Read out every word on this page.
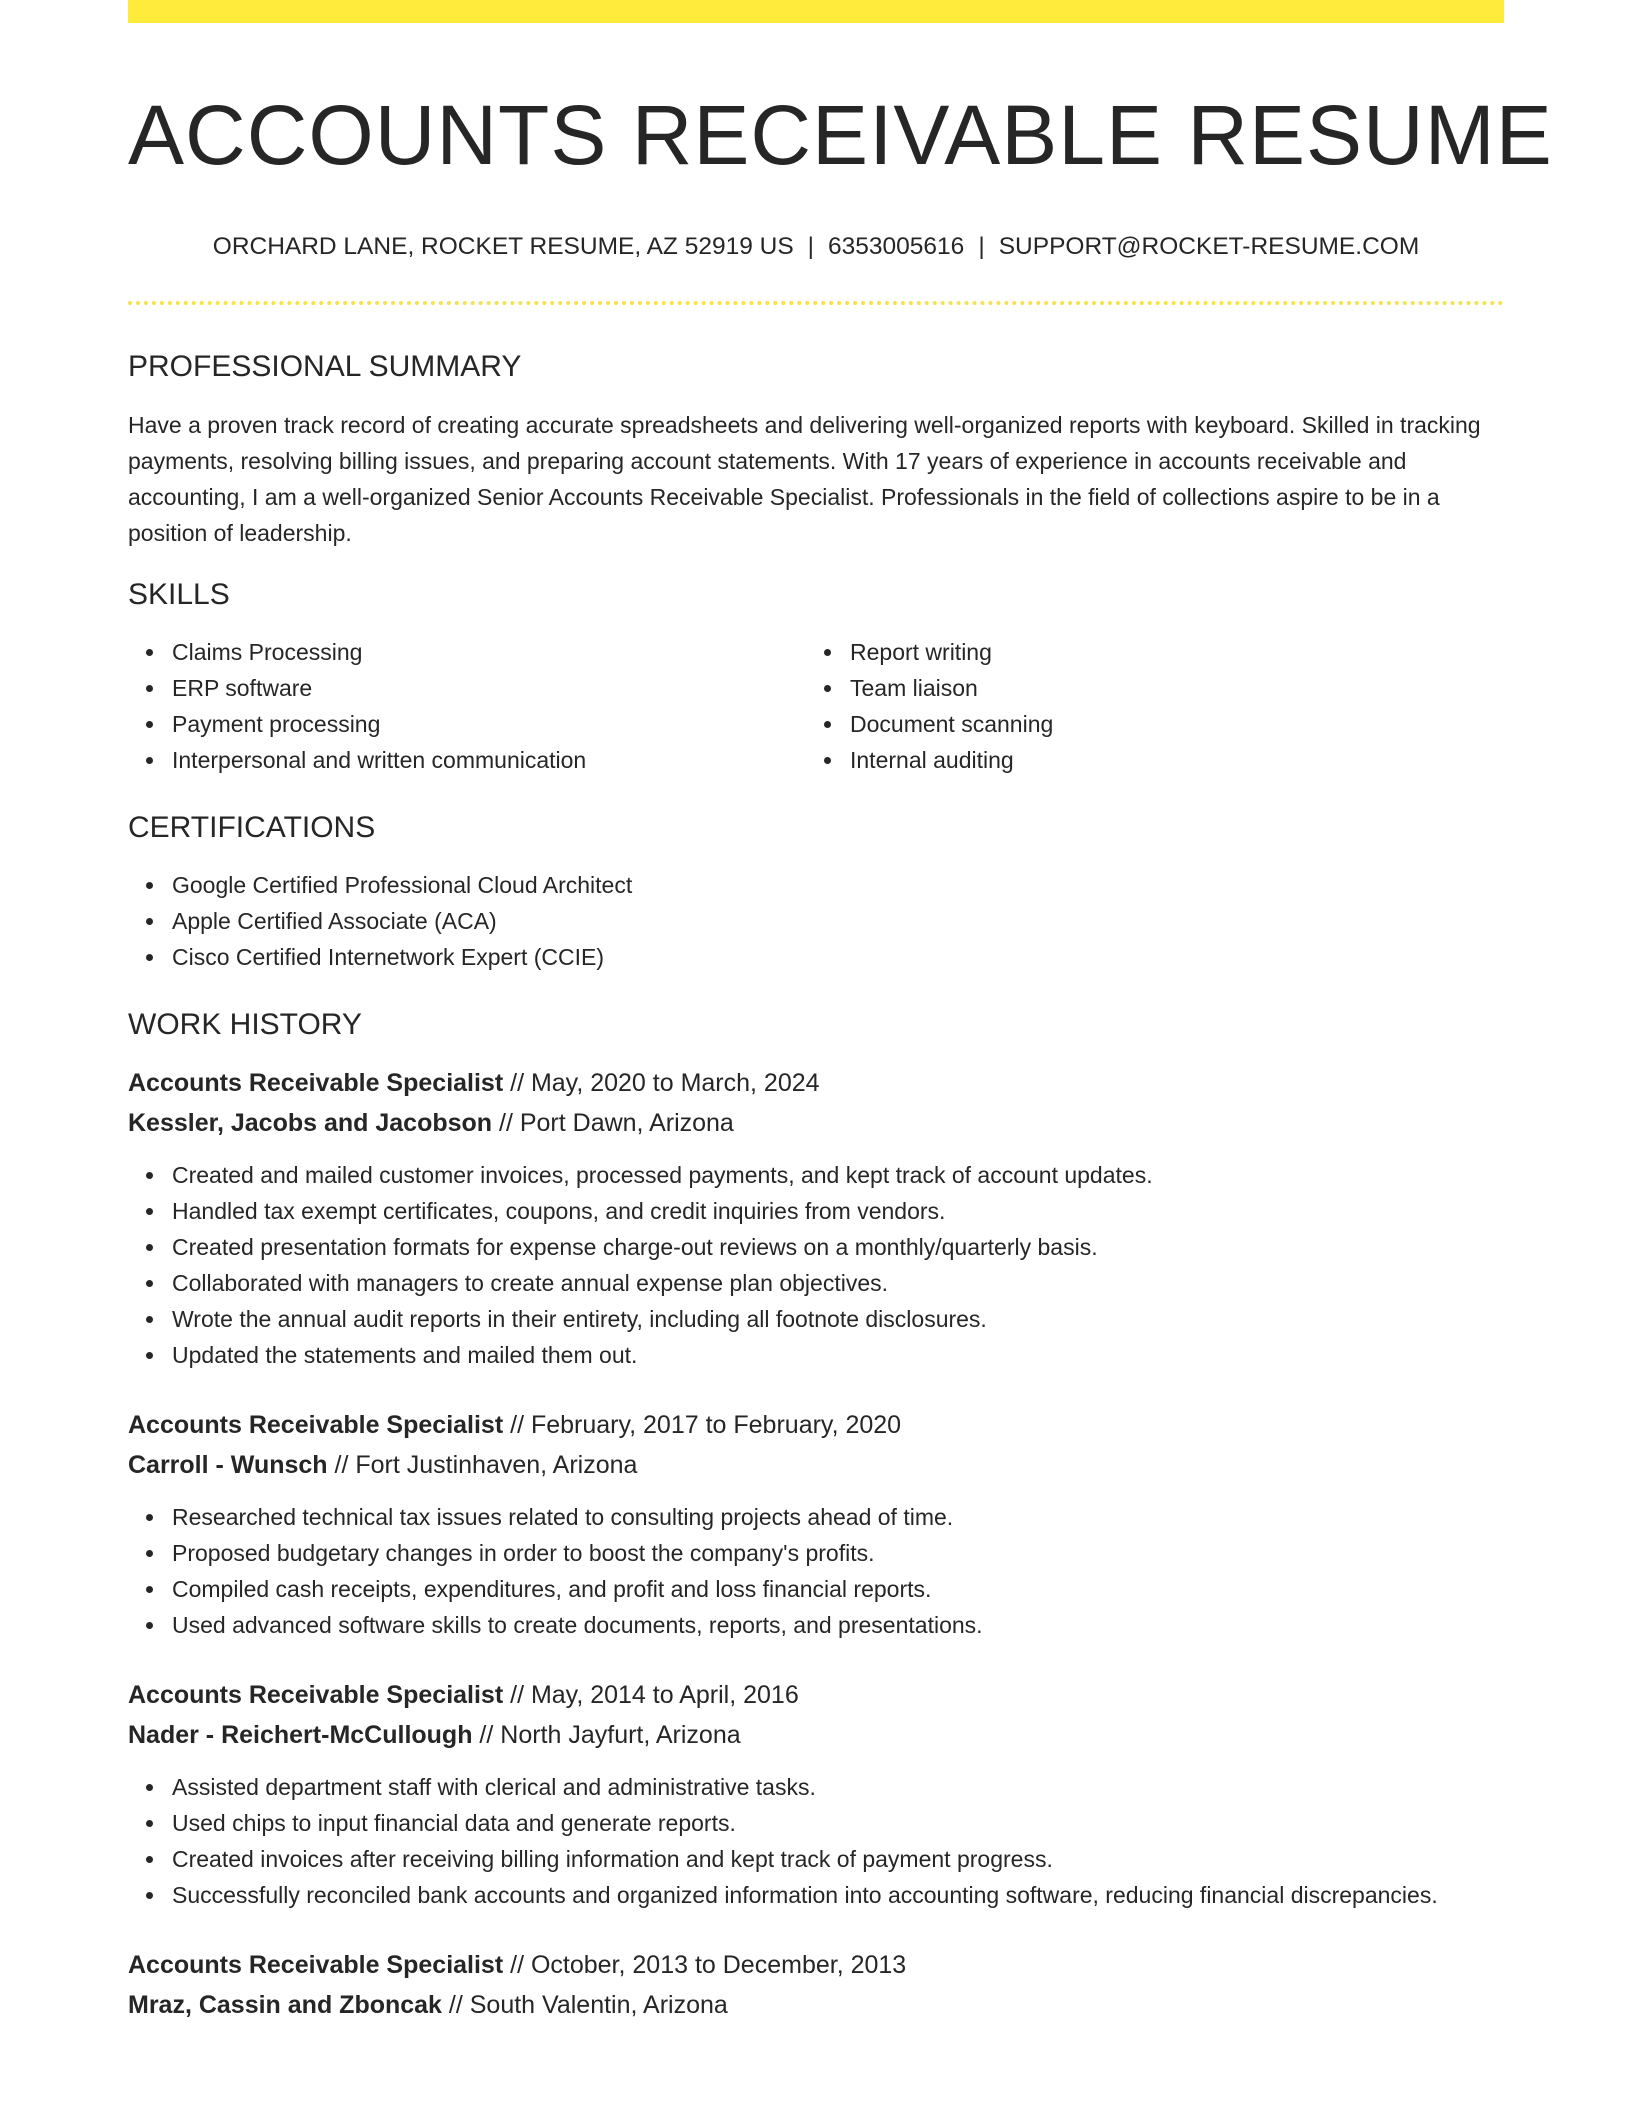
ACCOUNTS RECEIVABLE RESUME
ORCHARD LANE, ROCKET RESUME, AZ 52919 US | 6353005616 | SUPPORT@ROCKET-RESUME.COM
PROFESSIONAL SUMMARY

Have a proven track record of creating accurate spreadsheets and delivering well-organized reports with keyboard. Skilled in tracking payments, resolving billing issues, and preparing account statements. With 17 years of experience in accounts receivable and accounting, I am a well-organized Senior Accounts Receivable Specialist. Professionals in the field of collections aspire to be in a position of leadership.

SKILLS
Claims Processing
ERP software
Payment processing
Interpersonal and written communication
Report writing
Team liaison
Document scanning
Internal auditing
CERTIFICATIONS
Google Certified Professional Cloud Architect
Apple Certified Associate (ACA)
Cisco Certified Internetwork Expert (CCIE)
WORK HISTORY
Accounts Receivable Specialist // May, 2020 to March, 2024
Kessler, Jacobs and Jacobson // Port Dawn, Arizona
Created and mailed customer invoices, processed payments, and kept track of account updates.
Handled tax exempt certificates, coupons, and credit inquiries from vendors.
Created presentation formats for expense charge-out reviews on a monthly/quarterly basis.
Collaborated with managers to create annual expense plan objectives.
Wrote the annual audit reports in their entirety, including all footnote disclosures.
Updated the statements and mailed them out.
Accounts Receivable Specialist // February, 2017 to February, 2020
Carroll - Wunsch // Fort Justinhaven, Arizona
Researched technical tax issues related to consulting projects ahead of time.
Proposed budgetary changes in order to boost the company's profits.
Compiled cash receipts, expenditures, and profit and loss financial reports.
Used advanced software skills to create documents, reports, and presentations.
Accounts Receivable Specialist // May, 2014 to April, 2016
Nader - Reichert-McCullough // North Jayfurt, Arizona
Assisted department staff with clerical and administrative tasks.
Used chips to input financial data and generate reports.
Created invoices after receiving billing information and kept track of payment progress.
Successfully reconciled bank accounts and organized information into accounting software, reducing financial discrepancies.
Accounts Receivable Specialist // October, 2013 to December, 2013
Mraz, Cassin and Zboncak // South Valentin, Arizona
